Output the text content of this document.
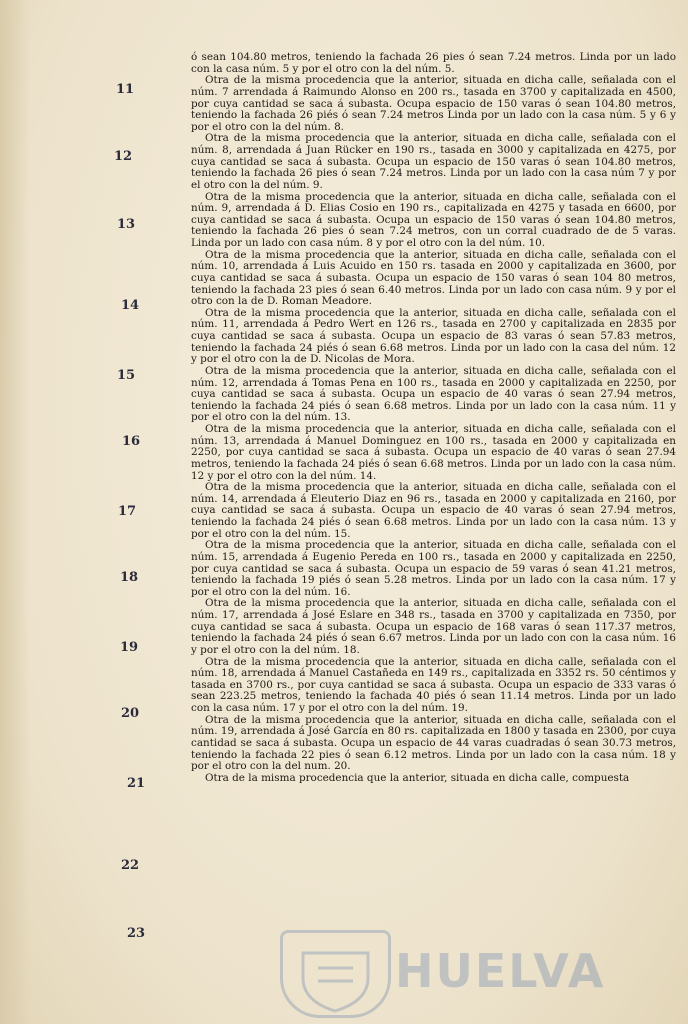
11
12
13
14
15
16
17
18
19
20
21
22
23

ó sean 104.80 metros, teniendo la fachada 26 pies ó sean 7.24 metros. Linda por un lado con la casa núm. 5 y por el otro con la del núm. 5.

Otra de la misma procedencia que la anterior, situada en dicha calle, señalada con el núm. 7 arrendada á Raimundo Alonso en 200 rs., tasada en 3700 y capitalizada en 4500, por cuya cantidad se saca á subasta. Ocupa espacio de 150 varas ó sean 104.80 metros, teniendo la fachada 26 piés ó sean 7.24 metros Linda por un lado con la casa núm. 5 y 6 y por el otro con la del núm. 8.

Otra de la misma procedencia que la anterior, situada en dicha calle, señalada con el núm. 8, arrendada á Juan Rücker en 190 rs., tasada en 3000 y capitalizada en 4275, por cuya cantidad se saca á subasta. Ocupa un espacio de 150 varas ó sean 104.80 metros, teniendo la fachada 26 pies ó sean 7.24 metros. Linda por un lado con la casa núm 7 y por el otro con la del núm. 9.

Otra de la misma procedencia que la anterior, situada en dicha calle, señalada con el núm. 9, arrendada á D. Elias Cosio en 190 rs., capitalizada en 4275 y tasada en 6600, por cuya cantidad se saca á subasta. Ocupa un espacio de 150 varas ó sean 104.80 metros, teniendo la fachada 26 pies ó sean 7.24 metros, con un corral cuadrado de de 5 varas. Linda por un lado con casa núm. 8 y por el otro con la del núm. 10.

Otra de la misma procedencia que la anterior, situada en dicha calle, señalada con el núm. 10, arrendada á Luis Acuido en 150 rs. tasada en 2000 y capitalizada en 3600, por cuya cantidad se saca á subasta. Ocupa un espacio de 150 varas ó sean 104 80 metros, teniendo la fachada 23 pies ó sean 6.40 metros. Linda por un lado con casa núm. 9 y por el otro con la de D. Roman Meadore.

Otra de la misma procedencia que la anterior, situada en dicha calle, señalada con el núm. 11, arrendada á Pedro Wert en 126 rs., tasada en 2700 y capitalizada en 2835 por cuya cantidad se saca á subasta. Ocupa un espacio de 83 varas ó sean 57.83 metros, teniendo la fachada 24 piés ó sean 6.68 metros. Linda por un lado con la casa del núm. 12 y por el otro con la de D. Nicolas de Mora.

Otra de la misma procedencia que la anterior, situada en dicha calle, señalada con el núm. 12, arrendada á Tomas Pena en 100 rs., tasada en 2000 y capitalizada en 2250, por cuya cantidad se saca á subasta. Ocupa un espacio de 40 varas ó sean 27.94 metros, teniendo la fachada 24 piés ó sean 6.68 metros. Linda por un lado con la casa núm. 11 y por el otro con la del núm. 13.

Otra de la misma procedencia que la anterior, situada en dicha calle, señalada con el núm. 13, arrendada á Manuel Dominguez en 100 rs., tasada en 2000 y capitalizada en 2250, por cuya cantidad se saca á subasta. Ocupa un espacio de 40 varas ó sean 27.94 metros, teniendo la fachada 24 piés ó sean 6.68 metros. Linda por un lado con la casa núm. 12 y por el otro con la del núm. 14.

Otra de la misma procedencia que la anterior, situada en dicha calle, señalada con el núm. 14, arrendada á Eleuterio Diaz en 96 rs., tasada en 2000 y capitalizada en 2160, por cuya cantidad se saca á subasta. Ocupa un espacio de 40 varas ó sean 27.94 metros, teniendo la fachada 24 piés ó sean 6.68 metros. Linda por un lado con la casa núm. 13 y por el otro con la del núm. 15.

Otra de la misma procedencia que la anterior, situada en dicha calle, señalada con el núm. 15, arrendada á Eugenio Pereda en 100 rs., tasada en 2000 y capitalizada en 2250, por cuya cantidad se saca á subasta. Ocupa un espacio de 59 varas ó sean 41.21 metros, teniendo la fachada 19 piés ó sean 5.28 metros. Linda por un lado con la casa núm. 17 y por el otro con la del núm. 16.

Otra de la misma procedencia que la anterior, situada en dicha calle, señalada con el núm. 17, arrendada á José Eslare en 348 rs., tasada en 3700 y capitalizada en 7350, por cuya cantidad se saca á subasta. Ocupa un espacio de 168 varas ó sean 117.37 metros, teniendo la fachada 24 piés ó sean 6.67 metros. Linda por un lado con con la casa núm. 16 y por el otro con la del núm. 18.

Otra de la misma procedencia que la anterior, situada en dicha calle, señalada con el núm. 18, arrendada á Manuel Castañeda en 149 rs., capitalizada en 3352 rs. 50 céntimos y tasada en 3700 rs., por cuya cantidad se saca á subasta. Ocupa un espacio de 333 varas ó sean 223.25 metros, teniendo la fachada 40 piés ó sean 11.14 metros. Linda por un lado con la casa núm. 17 y por el otro con la del núm. 19.

Otra de la misma procedencia que la anterior, situada en dicha calle, señalada con el núm. 19, arrendada á José García en 80 rs. capitalizada en 1800 y tasada en 2300, por cuya cantidad se saca á subasta. Ocupa un espacio de 44 varas cuadradas ó sean 30.73 metros, teniendo la fachada 22 pies ó sean 6.12 metros. Linda por un lado con la casa núm. 18 y por el otro con la del num. 20.

Otra de la misma procedencia que la anterior, situada en dicha calle, compuesta

HUELVA
